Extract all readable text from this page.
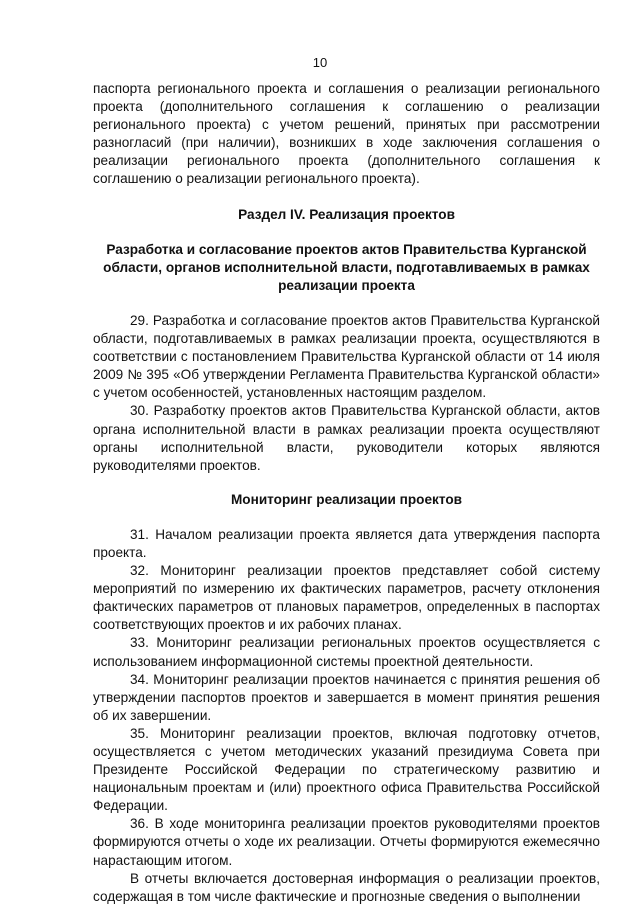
10

паспорта регионального проекта и соглашения о реализации регионального проекта (дополнительного соглашения к соглашению о реализации регионального проекта) с учетом решений, принятых при рассмотрении разногласий (при наличии), возникших в ходе заключения соглашения о реализации регионального проекта (дополнительного соглашения к соглашению о реализации регионального проекта).

Раздел IV. Реализация проектов
Разработка и согласование проектов актов Правительства Курганской области, органов исполнительной власти, подготавливаемых в рамках реализации проекта

29. Разработка и согласование проектов актов Правительства Курганской области, подготавливаемых в рамках реализации проекта, осуществляются в соответствии с постановлением Правительства Курганской области от 14 июля 2009 № 395 «Об утверждении Регламента Правительства Курганской области» с учетом особенностей, установленных настоящим разделом.

30. Разработку проектов актов Правительства Курганской области, актов органа исполнительной власти в рамках реализации проекта осуществляют органы исполнительной власти, руководители которых являются руководителями проектов.

Мониторинг реализации проектов

31. Началом реализации проекта является дата утверждения паспорта проекта.

32. Мониторинг реализации проектов представляет собой систему мероприятий по измерению их фактических параметров, расчету отклонения фактических параметров от плановых параметров, определенных в паспортах соответствующих проектов и их рабочих планах.

33. Мониторинг реализации региональных проектов осуществляется с использованием информационной системы проектной деятельности.

34. Мониторинг реализации проектов начинается с принятия решения об утверждении паспортов проектов и завершается в момент принятия решения об их завершении.

35. Мониторинг реализации проектов, включая подготовку отчетов, осуществляется с учетом методических указаний президиума Совета при Президенте Российской Федерации по стратегическому развитию и национальным проектам и (или) проектного офиса Правительства Российской Федерации.

36. В ходе мониторинга реализации проектов руководителями проектов формируются отчеты о ходе их реализации. Отчеты формируются ежемесячно нарастающим итогом.

В отчеты включается достоверная информация о реализации проектов, содержащая в том числе фактические и прогнозные сведения о выполнении
